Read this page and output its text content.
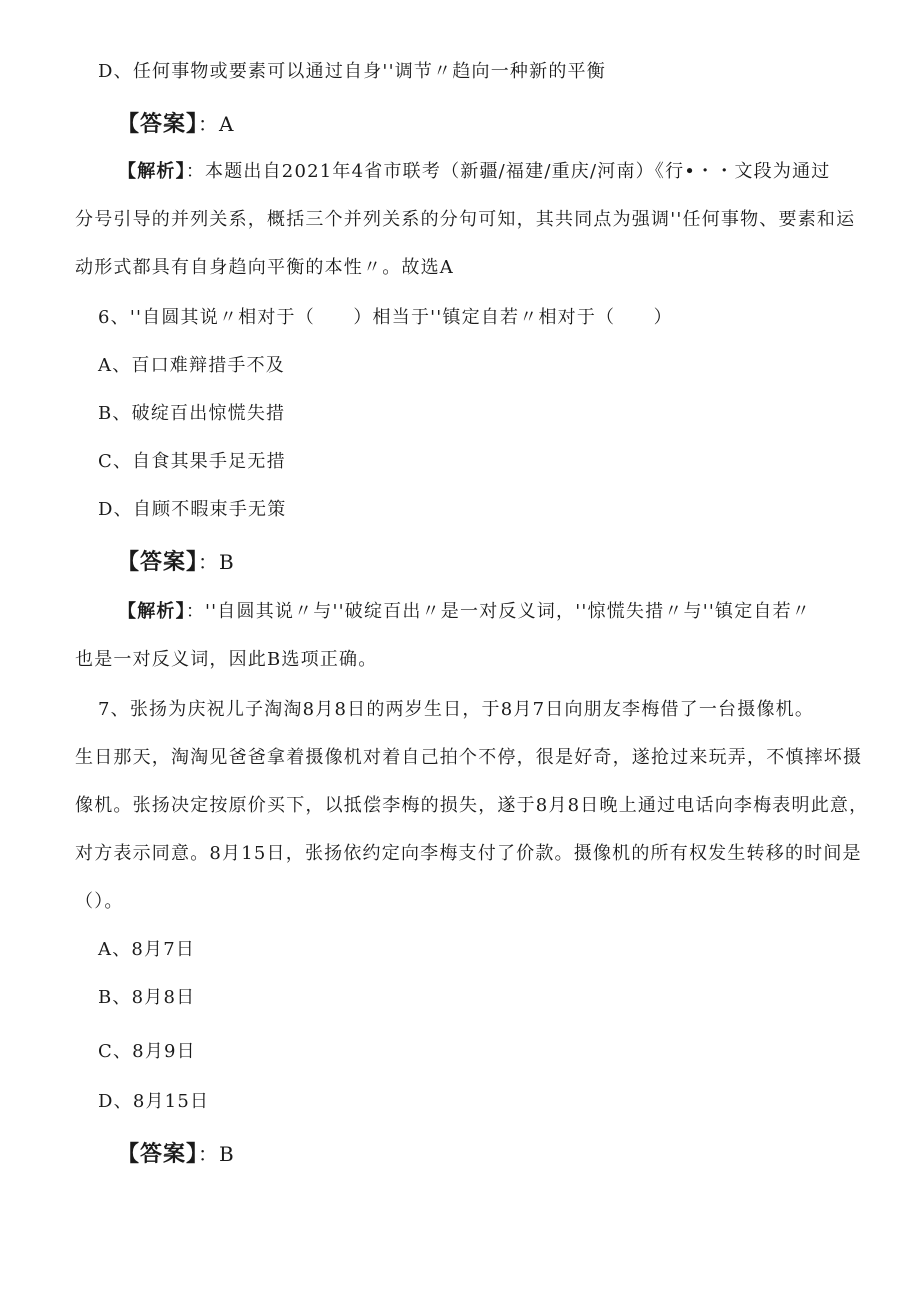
D、任何事物或要素可以通过自身''调节〃趋向一种新的平衡
【答案】：A
【解析】：本题出自2021年4省市联考（新疆/福建/重庆/河南）《行•・・文段为通过
分号引导的并列关系，概括三个并列关系的分句可知，其共同点为强调''任何事物、要素和运
动形式都具有自身趋向平衡的本性〃。故选A
6、''自圆其说〃相对于（　　）相当于''镇定自若〃相对于（　　）
A、百口难辩措手不及
B、破绽百出惊慌失措
C、自食其果手足无措
D、自顾不暇束手无策
【答案】：B
【解析】：''自圆其说〃与''破绽百出〃是一对反义词，''惊慌失措〃与''镇定自若〃
也是一对反义词，因此B选项正确。
7、张扬为庆祝儿子淘淘8月8日的两岁生日，于8月7日向朋友李梅借了一台摄像机。
生日那天，淘淘见爸爸拿着摄像机对着自己拍个不停，很是好奇，遂抢过来玩弄，不慎摔坏摄
像机。张扬决定按原价买下，以抵偿李梅的损失，遂于8月8日晚上通过电话向李梅表明此意，
对方表示同意。8月15日，张扬依约定向李梅支付了价款。摄像机的所有权发生转移的时间是
（）。
A、8月7日
B、8月8日
C、8月9日
D、8月15日
【答案】：B
